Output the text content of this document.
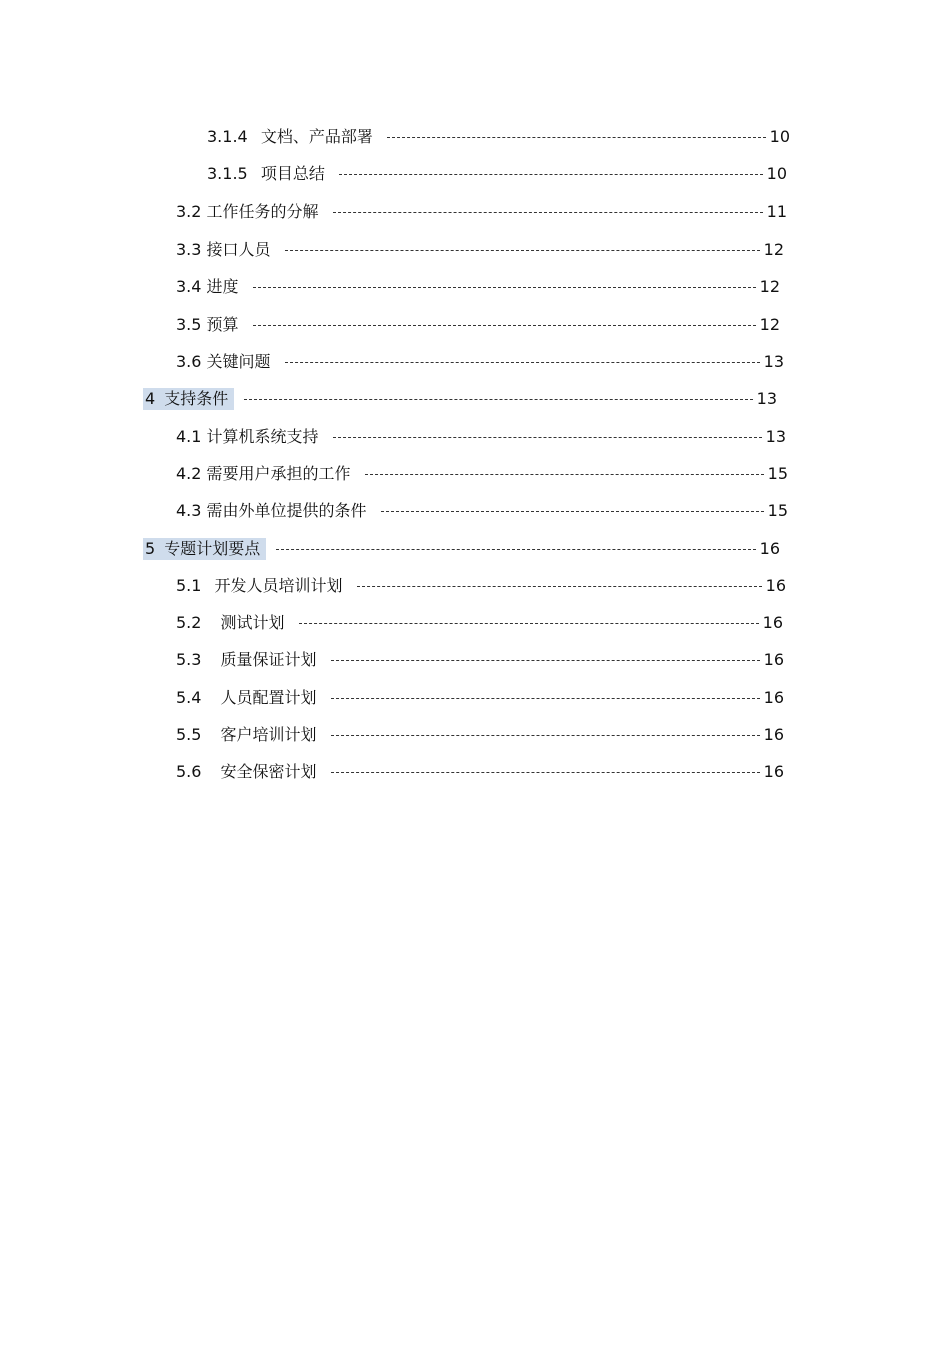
3.1.4 文档、产品部署	10
3.1.5 项目总结	10
3.2 工作任务的分解	11
3.3 接口人员	12
3.4 进度	12
3.5 预算	12
3.6 关键问题	13
4 支持条件	13
4.1 计算机系统支持	13
4.2 需要用户承担的工作	15
4.3 需由外单位提供的条件	15
5 专题计划要点	16
5.1 开发人员培训计划	16
5.2 测试计划	16
5.3 质量保证计划	16
5.4 人员配置计划	16
5.5 客户培训计划	16
5.6 安全保密计划	16
